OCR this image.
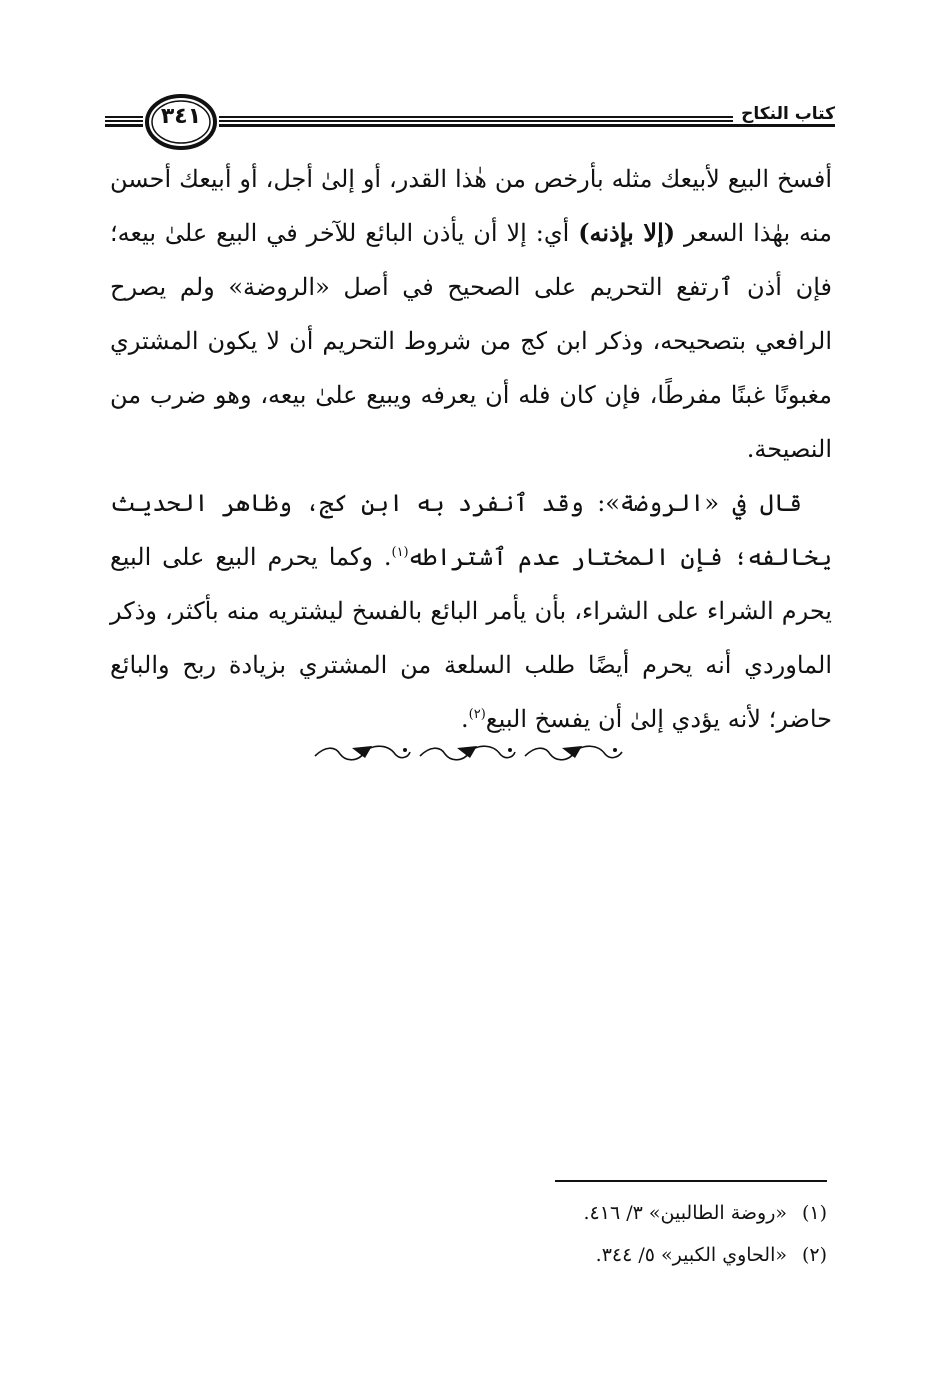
٣٤١	كتاب النكاح

أفسخ البيع لأبيعك مثله بأرخص من هٰذا القدر، أو إلىٰ أجل، أو أبيعك أحسن منه بهٰذا السعر (إلا بإذنه) أي: إلا أن يأذن البائع للآخر في البيع علىٰ بيعه؛ فإن أذن ٱرتفع التحريم على الصحيح في أصل «الروضة» ولم يصرح الرافعي بتصحيحه، وذكر ابن كج من شروط التحريم أن لا يكون المشتري مغبونًا غبنًا مفرطًا، فإن كان فله أن يعرفه ويبيع علىٰ بيعه، وهو ضرب من النصيحة.

قال في «الروضة»: وقد ٱنفرد به ابن كج، وظاهر الحديث يخالفه؛ فإن المختار عدم ٱشتراطه$^{(١)}$. وكما يحرم البيع على البيع يحرم الشراء على الشراء، بأن يأمر البائع بالفسخ ليشتريه منه بأكثر، وذكر الماوردي أنه يحرم أيضًا طلب السلعة من المشتري بزيادة ربح والبائع حاضر؛ لأنه يؤدي إلىٰ أن يفسخ البيع$^{(٢)}$.

(١)«روضة الطالبين» ٣/ ٤١٦.
(٢)«الحاوي الكبير» ٥/ ٣٤٤.
